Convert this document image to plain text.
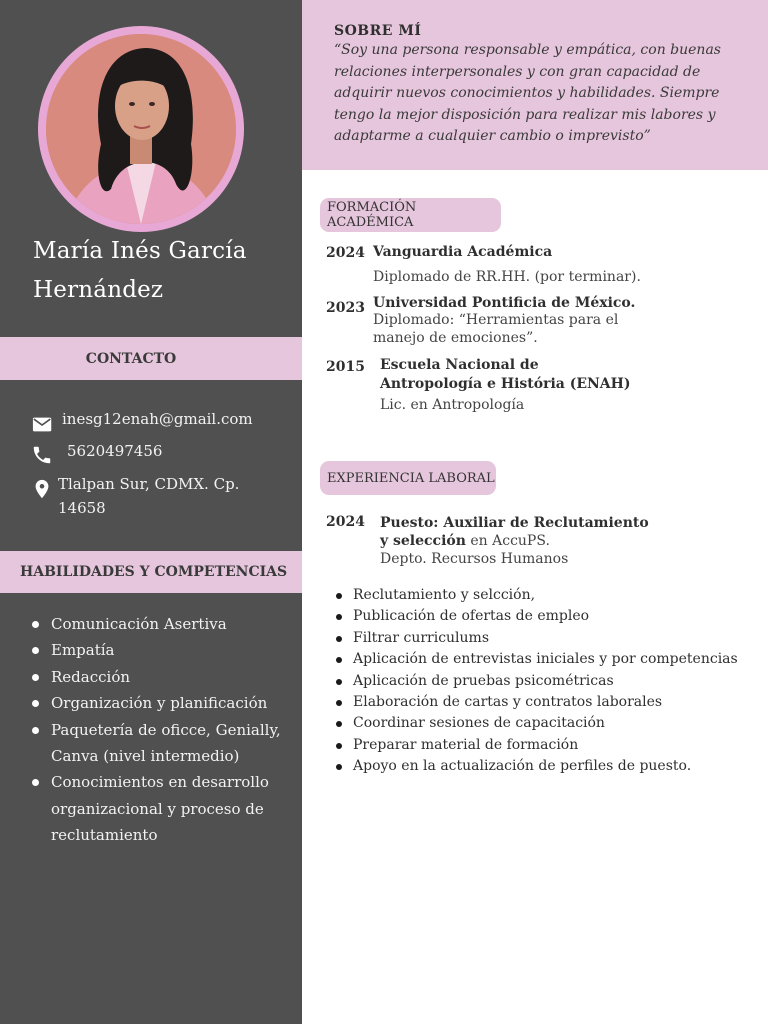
María Inés García
Hernández
CONTACTO
inesg12enah@gmail.com
5620497456
Tlalpan Sur, CDMX. Cp. 14658
HABILIDADES Y COMPETENCIAS
Comunicación Asertiva
Empatía
Redacción
Organización y planificación
Paquetería de oficce, Genially, Canva (nivel intermedio)
Conocimientos en desarrollo organizacional y proceso de reclutamiento
SOBRE MÍ

“Soy una persona responsable y empática, con buenas relaciones interpersonales y con gran capacidad de adquirir nuevos conocimientos y habilidades. Siempre tengo la mejor disposición para realizar mis labores y adaptarme a cualquier cambio o imprevisto”

FORMACIÓN ACADÉMICA
2024 Vanguardia Académica
Diplomado de RR.HH. (por terminar).
2023 Universidad Pontificia de México.
Diplomado: “Herramientas para el manejo de emociones”.
2015 Escuela Nacional de Antropología e História (ENAH)
Lic. en Antropología
EXPERIENCIA LABORAL
2024 Puesto: Auxiliar de Reclutamiento y selección en AccuPS.
Depto. Recursos Humanos
Reclutamiento y selcción,
Publicación de ofertas de empleo
Filtrar curriculums
Aplicación de entrevistas iniciales y por competencias
Aplicación de pruebas psicométricas
Elaboración de cartas y contratos laborales
Coordinar sesiones de capacitación
Preparar material de formación
Apoyo en la actualización de perfiles de puesto.
